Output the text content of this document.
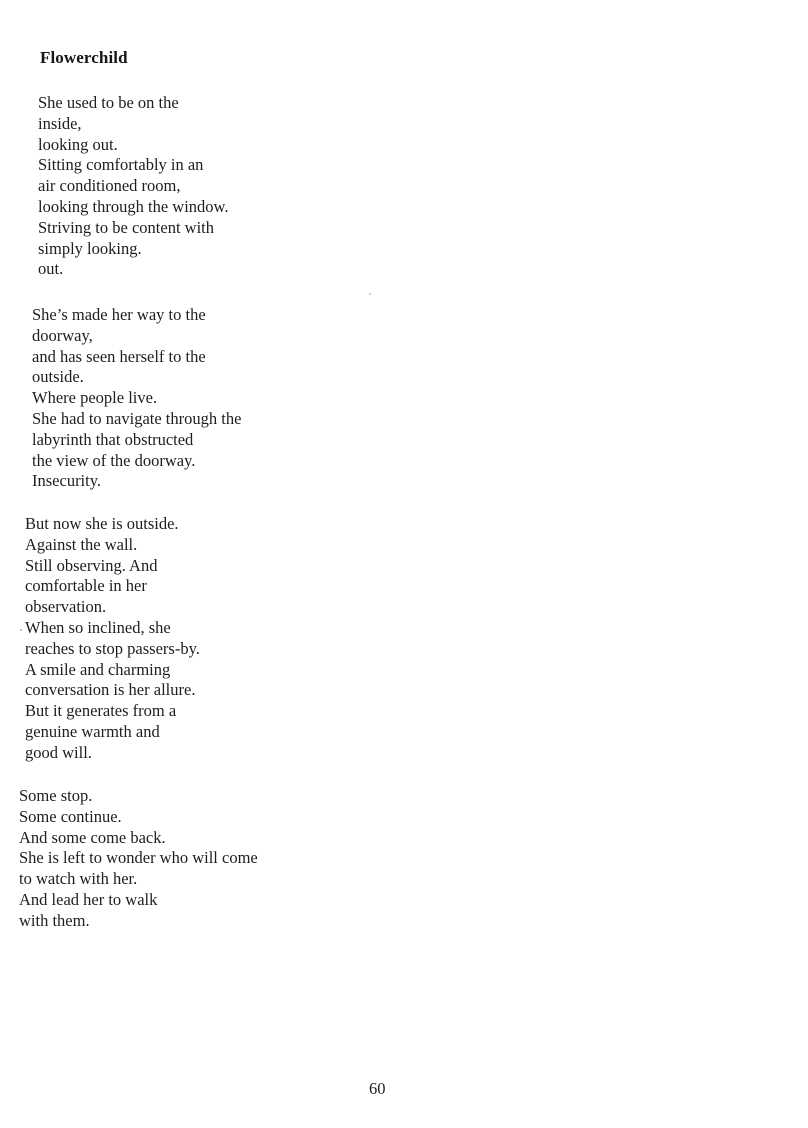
Flowerchild
She used to be on the
inside,
looking out.
Sitting comfortably in an
air conditioned room,
looking through the window.
Striving to be content with
simply looking.
out.
She’s made her way to the
doorway,
and has seen herself to the
outside.
Where people live.
She had to navigate through the
labyrinth that obstructed
the view of the doorway.
Insecurity.
But now she is outside.
Against the wall.
Still observing. And
comfortable in her
observation.
When so inclined, she
reaches to stop passers-by.
A smile and charming
conversation is her allure.
But it generates from a
genuine warmth and
good will.
Some stop.
Some continue.
And some come back.
She is left to wonder who will come
to watch with her.
And lead her to walk
with them.
60
